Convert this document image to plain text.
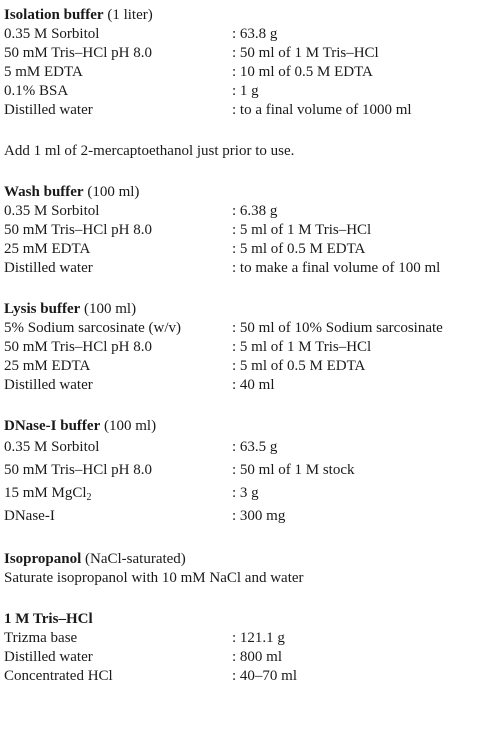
Isolation buffer (1 liter)
0.35 M Sorbitol	: 63.8 g
50 mM Tris–HCl pH 8.0	: 50 ml of 1 M Tris–HCl
5 mM EDTA	: 10 ml of 0.5 M EDTA
0.1% BSA	: 1 g
Distilled water	: to a final volume of 1000 ml
Add 1 ml of 2-mercaptoethanol just prior to use.
Wash buffer (100 ml)
0.35 M Sorbitol	: 6.38 g
50 mM Tris–HCl pH 8.0	: 5 ml of 1 M Tris–HCl
25 mM EDTA	: 5 ml of 0.5 M EDTA
Distilled water	: to make a final volume of 100 ml
Lysis buffer (100 ml)
5% Sodium sarcosinate (w/v)	: 50 ml of 10% Sodium sarcosinate
50 mM Tris–HCl pH 8.0	: 5 ml of 1 M Tris–HCl
25 mM EDTA	: 5 ml of 0.5 M EDTA
Distilled water	: 40 ml
DNase-I buffer (100 ml)
0.35 M Sorbitol	: 63.5 g
50 mM Tris–HCl pH 8.0	: 50 ml of 1 M stock
15 mM MgCl$_2$	: 3 g
DNase-I	: 300 mg
Isopropanol (NaCl-saturated)
Saturate isopropanol with 10 mM NaCl and water
1 M Tris–HCl
Trizma base	: 121.1 g
Distilled water	: 800 ml
Concentrated HCl	: 40–70 ml
